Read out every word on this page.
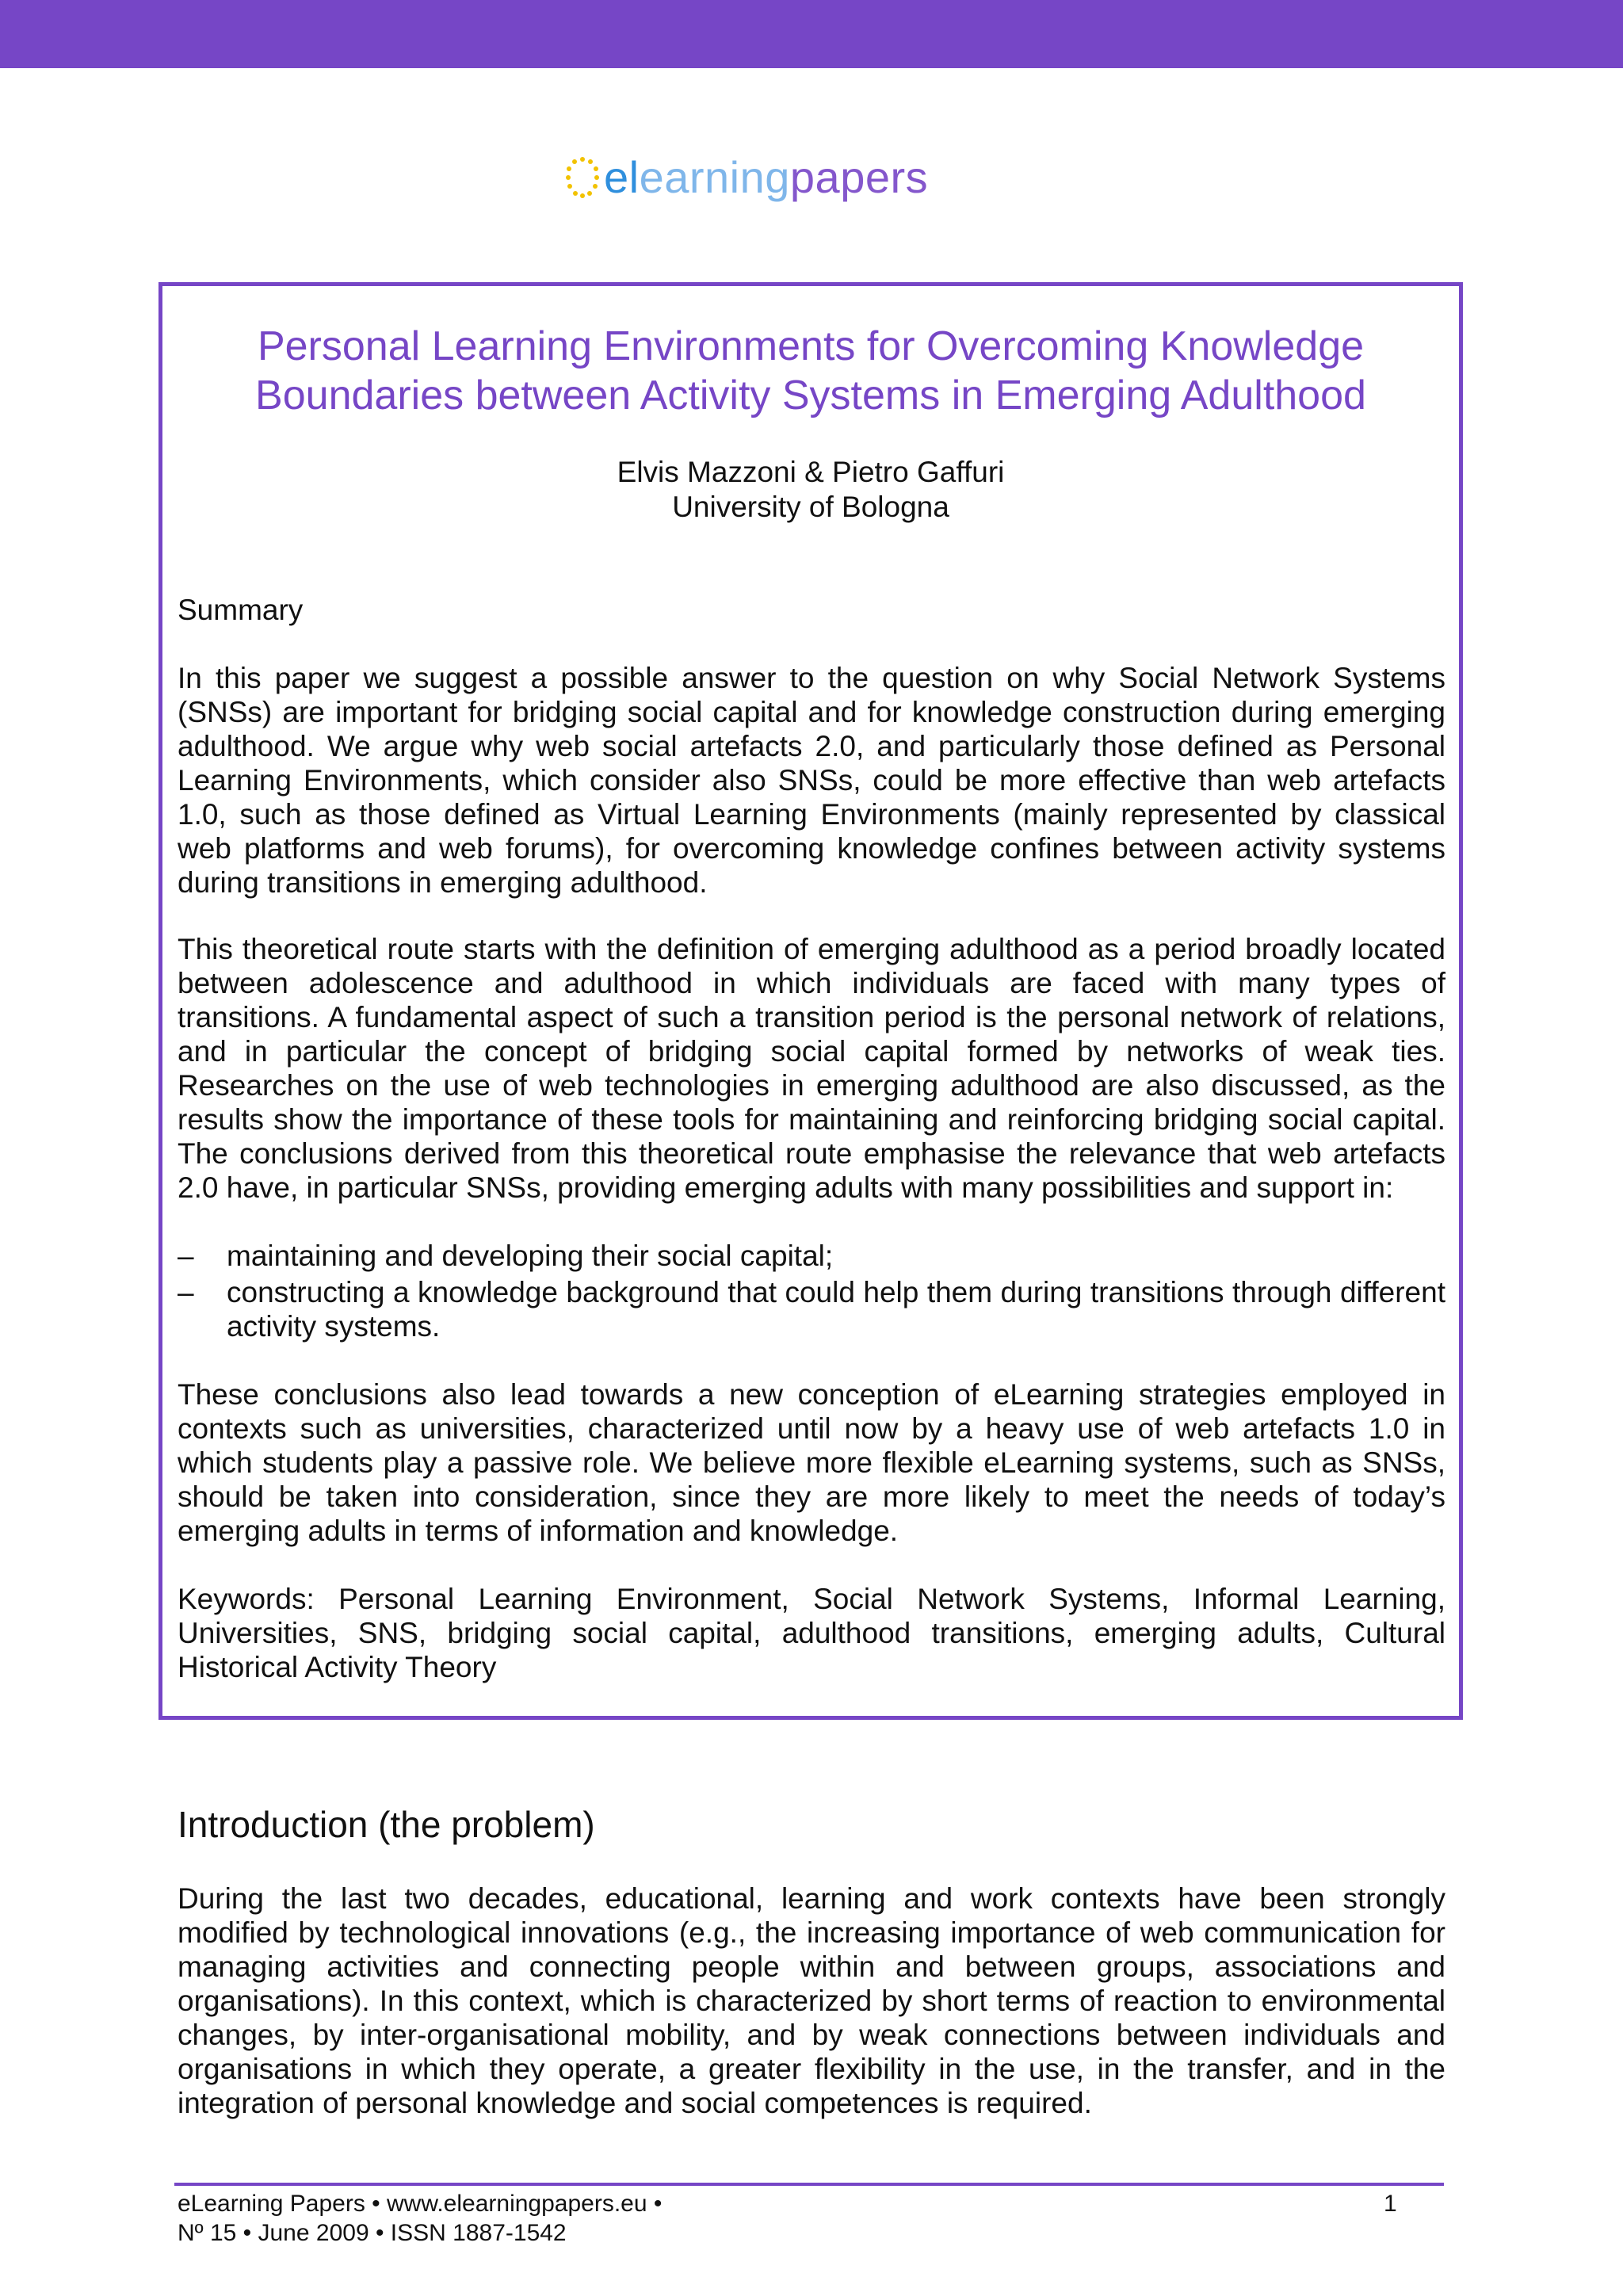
elearningpapers
Personal Learning Environments for Overcoming Knowledge
Boundaries between Activity Systems in Emerging Adulthood
Elvis Mazzoni & Pietro Gaffuri
University of Bologna

Summary

In this paper we suggest a possible answer to the question on why Social Network Systems (SNSs) are important for bridging social capital and for knowledge construction during emerging adulthood. We argue why web social artefacts 2.0, and particularly those defined as Personal Learning Environments, which consider also SNSs, could be more effective than web artefacts 1.0, such as those defined as Virtual Learning Environments (mainly represented by classical web platforms and web forums), for overcoming knowledge confines between activity systems during transitions in emerging adulthood.

This theoretical route starts with the definition of emerging adulthood as a period broadly located between adolescence and adulthood in which individuals are faced with many types of transitions. A fundamental aspect of such a transition period is the personal network of relations, and in particular the concept of bridging social capital formed by networks of weak ties. Researches on the use of web technologies in emerging adulthood are also discussed, as the results show the importance of these tools for maintaining and reinforcing bridging social capital. The conclusions derived from this theoretical route emphasise the relevance that web artefacts 2.0 have, in particular SNSs, providing emerging adults with many possibilities and support in:

– maintaining and developing their social capital;
– constructing a knowledge background that could help them during transitions through different activity systems.

These conclusions also lead towards a new conception of eLearning strategies employed in contexts such as universities, characterized until now by a heavy use of web artefacts 1.0 in which students play a passive role. We believe more flexible eLearning systems, such as SNSs, should be taken into consideration, since they are more likely to meet the needs of today’s emerging adults in terms of information and knowledge.

Keywords: Personal Learning Environment, Social Network Systems, Informal Learning, Universities, SNS, bridging social capital, adulthood transitions, emerging adults, Cultural Historical Activity Theory

Introduction (the problem)

During the last two decades, educational, learning and work contexts have been strongly modified by technological innovations (e.g., the increasing importance of web communication for managing activities and connecting people within and between groups, associations and organisations). In this context, which is characterized by short terms of reaction to environmental changes, by inter-organisational mobility, and by weak connections between individuals and organisations in which they operate, a greater flexibility in the use, in the transfer, and in the integration of personal knowledge and social competences is required.

eLearning Papers • www.elearningpapers.eu •
Nº 15 • June 2009 • ISSN 1887-1542
1
